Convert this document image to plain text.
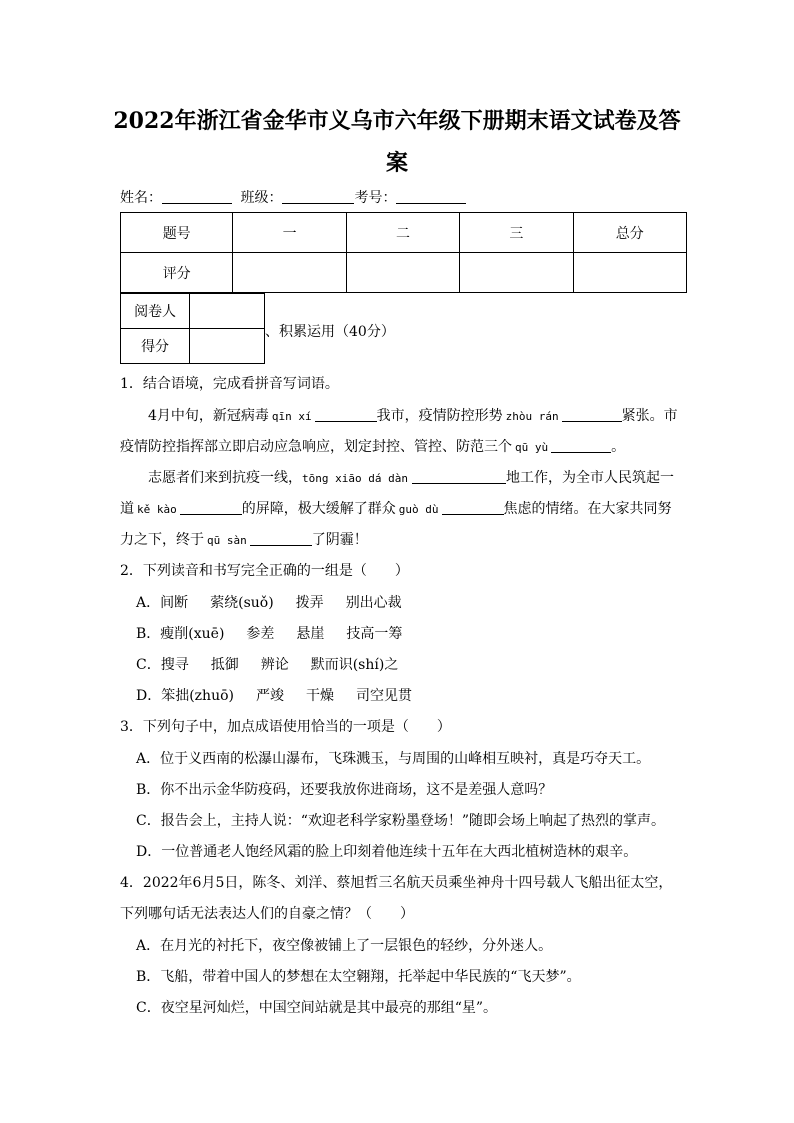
2022年浙江省金华市义乌市六年级下册期末语文试卷及答
案
姓名：	班级：	考号：
题号	一	二	三	总分
评分				
阅卷人	
得分	
、积累运用（40分）
1．结合语境，完成看拼音写词语。
4月中旬，新冠病毒 qīn xí	我市，疫情防控形势 zhòu rán	紧张。市
疫情防控指挥部立即启动应急响应，划定封控、管控、防范三个 qū yù	。
志愿者们来到抗疫一线，tōng xiāo dá dàn	地工作，为全市人民筑起一
道 kě kào	的屏障，极大缓解了群众 guò dù	焦虑的情绪。在大家共同努
力之下，终于 qū sàn	了阴霾！
2．下列读音和书写完全正确的一组是（　　）
A．间断 萦绕(suǒ) 拨弄 别出心裁
B．瘦削(xuē) 参差 悬崖 技高一筹
C．搜寻 抵御 辨论 默而识(shí)之
D．笨拙(zhuō) 严竣 干燥 司空见贯
3．下列句子中，加点成语使用恰当的一项是（　　）
A．位于义西南的松瀑山瀑布，飞珠溅玉，与周围的山峰相互映衬，真是巧夺天工。
B．你不出示金华防疫码，还要我放你进商场，这不是差强人意吗？
C．报告会上，主持人说：“欢迎老科学家粉墨登场！”随即会场上响起了热烈的掌声。
D．一位普通老人饱经风霜的脸上印刻着他连续十五年在大西北植树造林的艰辛。
4．2022年6月5日，陈冬、刘洋、蔡旭哲三名航天员乘坐神舟十四号载人飞船出征太空，
下列哪句话无法表达人们的自豪之情？（　　）
A．在月光的衬托下，夜空像被铺上了一层银色的轻纱，分外迷人。
B．飞船，带着中国人的梦想在太空翱翔，托举起中华民族的“飞天梦”。
C．夜空星河灿烂，中国空间站就是其中最亮的那组“星”。
